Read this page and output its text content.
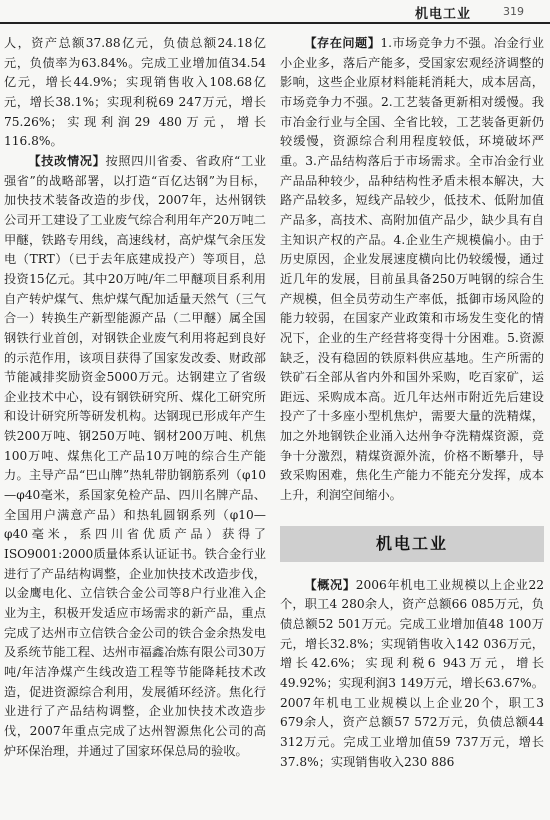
机电工业	319

人，资产总额37.88亿元，负债总额24.18亿元，负债率为63.84%。完成工业增加值34.54亿元，增长44.9%；实现销售收入108.68亿元，增长38.1%；实现利税69 247万元，增长75.26%；实现利润29 480万元，增长116.8%。

【技改情况】按照四川省委、省政府“工业强省”的战略部署，以打造“百亿达钢”为目标，加快技术装备改造的步伐，2007年，达州钢铁公司开工建设了工业废气综合利用年产20万吨二甲醚，铁路专用线，高速线材，高炉煤气余压发电（TRT）（已于去年底建成投产）等项目，总投资15亿元。其中20万吨/年二甲醚项目系利用自产转炉煤气、焦炉煤气配加适量天然气（三气合一）转换生产新型能源产品（二甲醚）属全国钢铁行业首创，对钢铁企业废气利用将起到良好的示范作用，该项目获得了国家发改委、财政部节能减排奖励资金5000万元。达钢建立了省级企业技术中心，设有钢铁研究所、煤化工研究所和设计研究所等研发机构。达钢现已形成年产生铁200万吨、钢250万吨、钢材200万吨、机焦100万吨、煤焦化工产品10万吨的综合生产能力。主导产品“巴山牌”热轧带肋钢筋系列（φ10—φ40毫米，系国家免检产品、四川名牌产品、全国用户满意产品）和热轧圆钢系列（φ10—φ40毫米，系四川省优质产品）获得了ISO9001:2000质量体系认证证书。铁合金行业进行了产品结构调整，企业加快技术改造步伐，以金鹰电化、立信铁合金公司等8户行业准入企业为主，积极开发适应市场需求的新产品，重点完成了达州市立信铁合金公司的铁合金余热发电及系统节能工程、达州市福鑫冶炼有限公司30万吨/年洁净煤产生线改造工程等节能降耗技术改造，促进资源综合利用，发展循环经济。焦化行业进行了产品结构调整，企业加快技术改造步伐，2007年重点完成了达州智源焦化公司的高炉环保治理，并通过了国家环保总局的验收。

【存在问题】1.市场竞争力不强。冶金行业小企业多，落后产能多，受国家宏观经济调整的影响，这些企业原材料能耗消耗大，成本居高，市场竞争力不强。2.工艺装备更新相对缓慢。我市冶金行业与全国、全省比较，工艺装备更新仍较缓慢，资源综合利用程度较低，环境破坏严重。3.产品结构落后于市场需求。全市冶金行业产品品种较少，品种结构性矛盾未根本解决，大路产品较多，短线产品较少，低技术、低附加值产品多，高技术、高附加值产品少，缺少具有自主知识产权的产品。4.企业生产规模偏小。由于历史原因，企业发展速度横向比仍较缓慢，通过近几年的发展，目前虽具备250万吨钢的综合生产规模，但全员劳动生产率低，抵御市场风险的能力较弱，在国家产业政策和市场发生变化的情况下，企业的生产经营将变得十分困难。5.资源缺乏，没有稳固的铁原料供应基地。生产所需的铁矿石全部从省内外和国外采购，吃百家矿，运距远、采购成本高。近几年达州市附近先后建设投产了十多座小型机焦炉，需要大量的洗精煤，加之外地钢铁企业涌入达州争夺洗精煤资源，竞争十分激烈，精煤资源外流，价格不断攀升，导致采购困难，焦化生产能力不能充分发挥，成本上升，利润空间缩小。

机电工业

【概况】2006年机电工业规模以上企业22个，职工4 280余人，资产总额66 085万元，负债总额52 501万元。完成工业增加值48 100万元，增长32.8%；实现销售收入142 036万元，增长42.6%；实现利税6 943万元，增长49.92%；实现利润3 149万元，增长63.67%。2007年机电工业规模以上企业20个，职工3 679余人，资产总额57 572万元，负债总额44 312万元。完成工业增加值59 737万元，增长37.8%；实现销售收入230 886
